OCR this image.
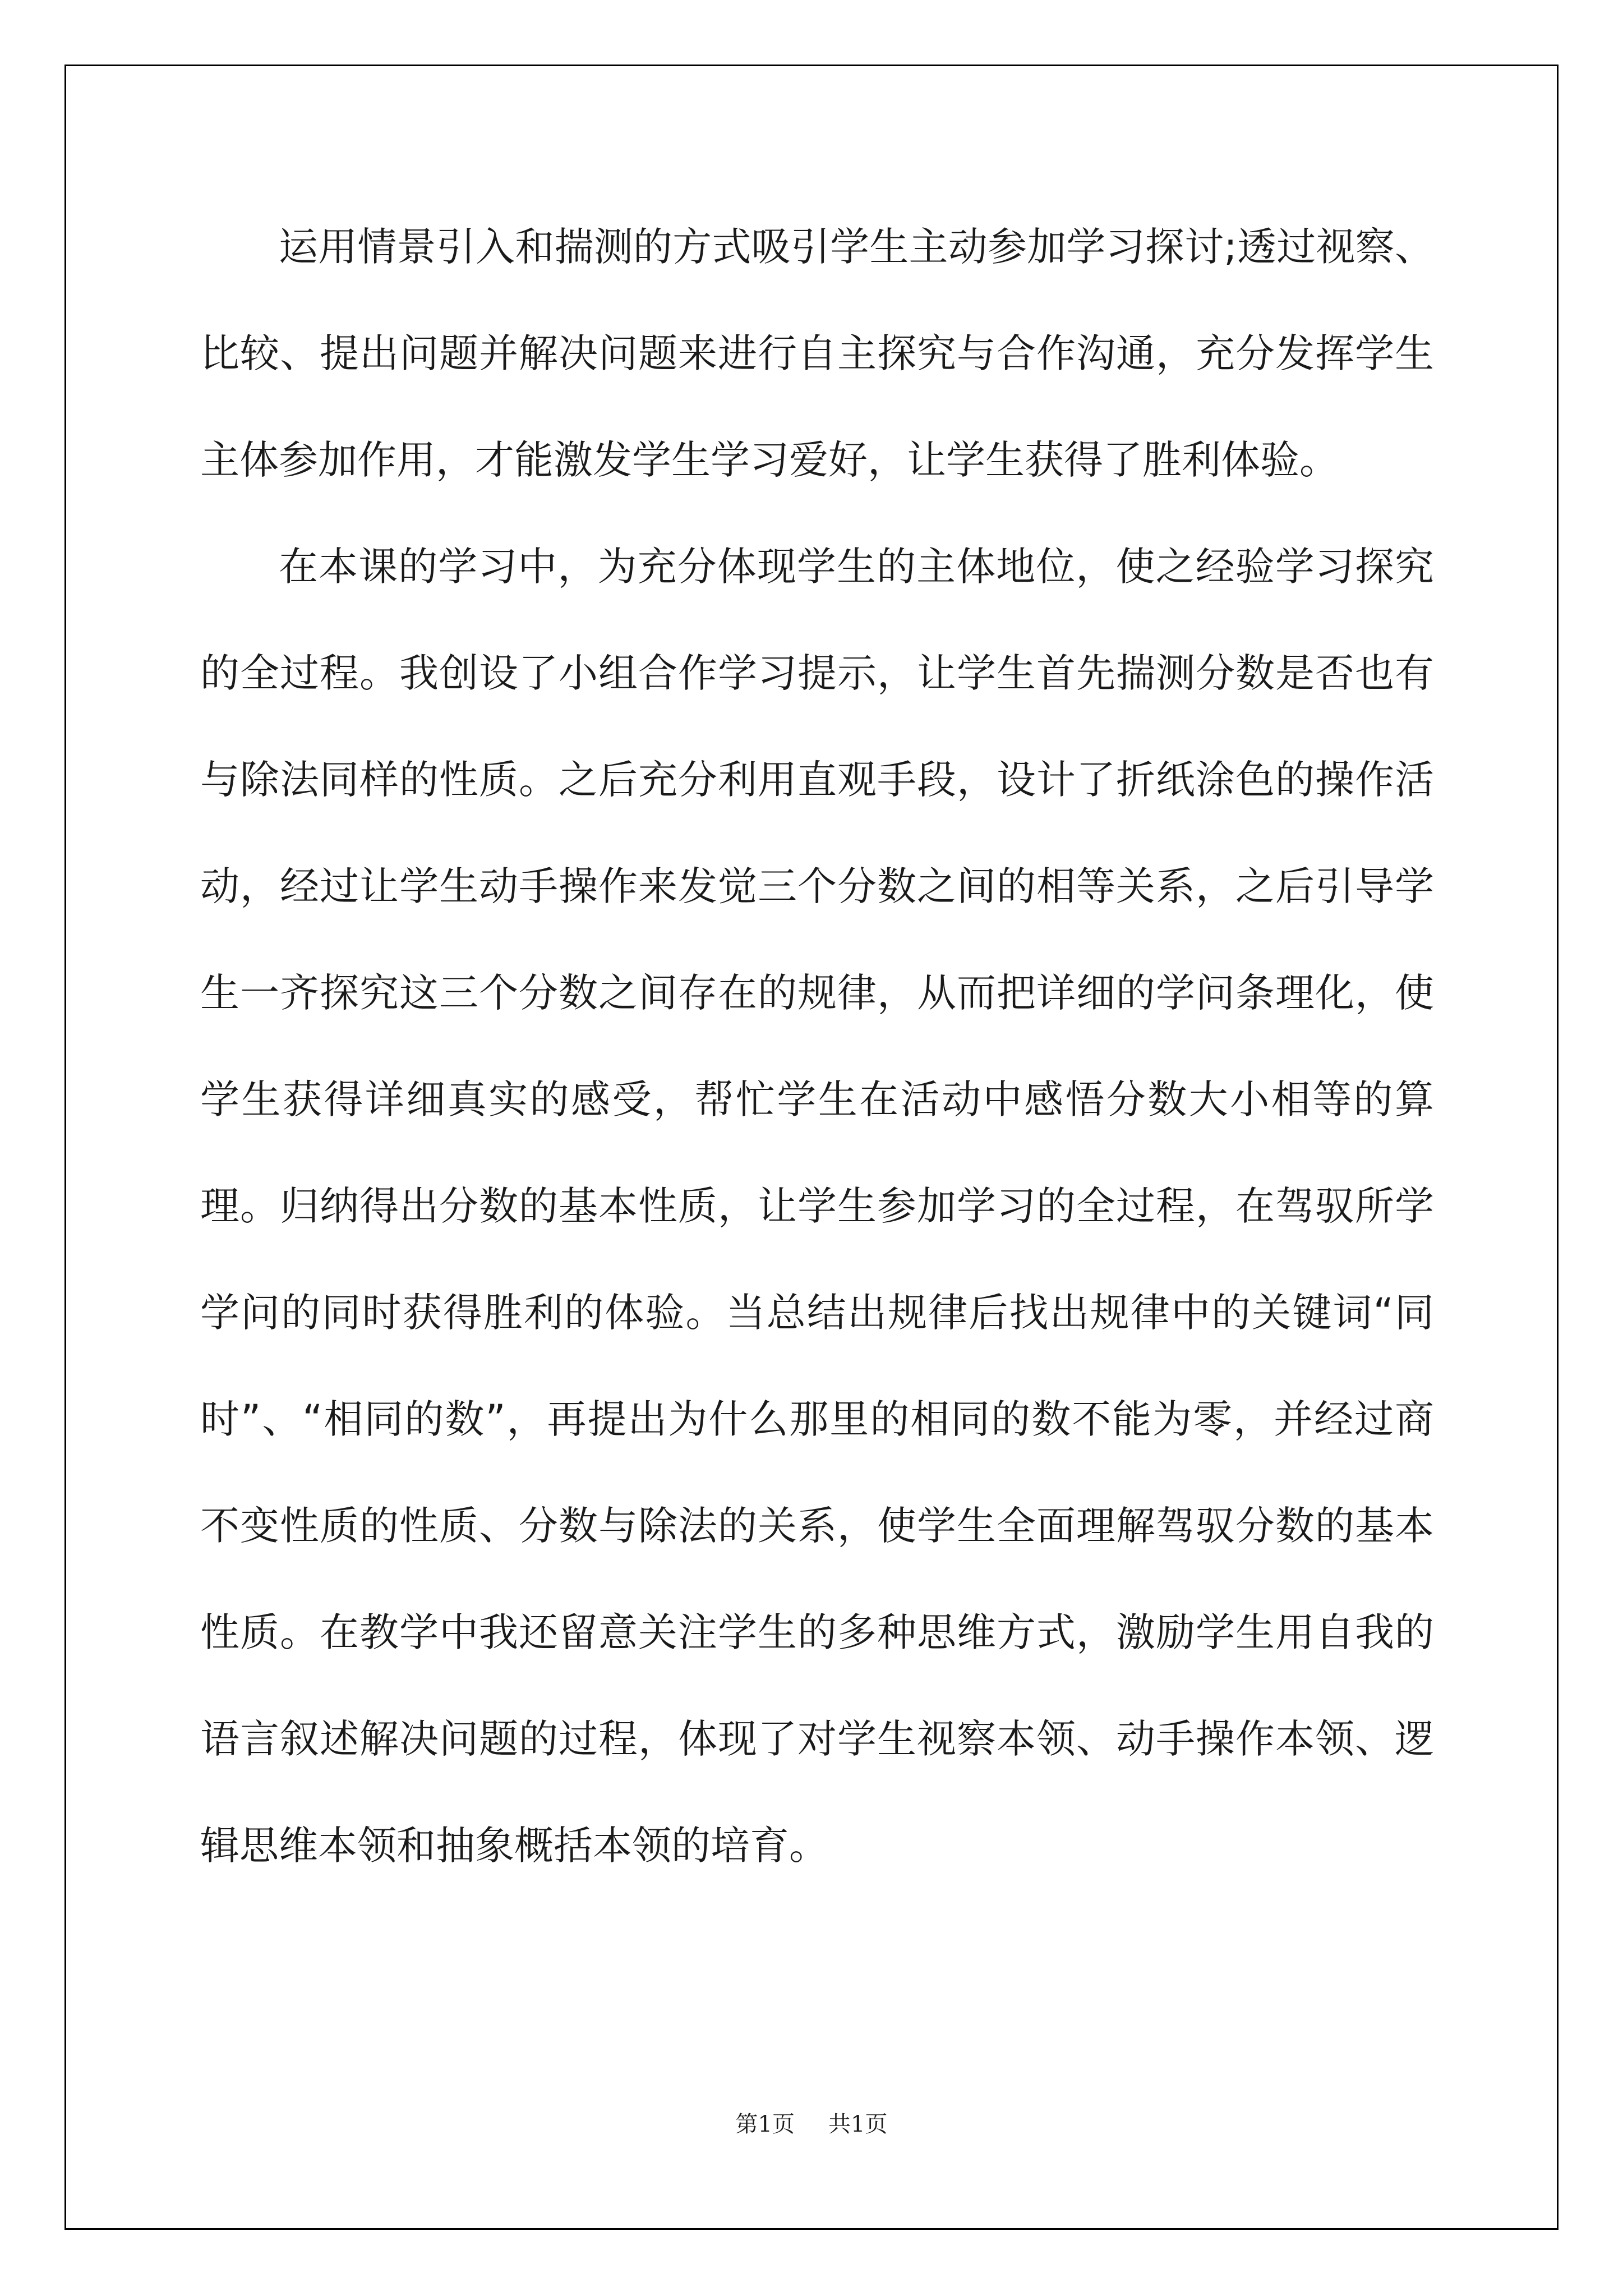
运用情景引入和揣测的方式吸引学生主动参加学习探讨;透过视察、比较、提出问题并解决问题来进行自主探究与合作沟通，充分发挥学生主体参加作用，才能激发学生学习爱好，让学生获得了胜利体验。

在本课的学习中，为充分体现学生的主体地位，使之经验学习探究的全过程。我创设了小组合作学习提示，让学生首先揣测分数是否也有与除法同样的性质。之后充分利用直观手段，设计了折纸涂色的操作活动，经过让学生动手操作来发觉三个分数之间的相等关系，之后引导学生一齐探究这三个分数之间存在的规律，从而把详细的学问条理化，使学生获得详细真实的感受，帮忙学生在活动中感悟分数大小相等的算理。归纳得出分数的基本性质，让学生参加学习的全过程，在驾驭所学学问的同时获得胜利的体验。当总结出规律后找出规律中的关键词“同时”、“相同的数”，再提出为什么那里的相同的数不能为零，并经过商不变性质的性质、分数与除法的关系，使学生全面理解驾驭分数的基本性质。在教学中我还留意关注学生的多种思维方式，激励学生用自我的语言叙述解决问题的过程，体现了对学生视察本领、动手操作本领、逻辑思维本领和抽象概括本领的培育。

第1页 共1页
